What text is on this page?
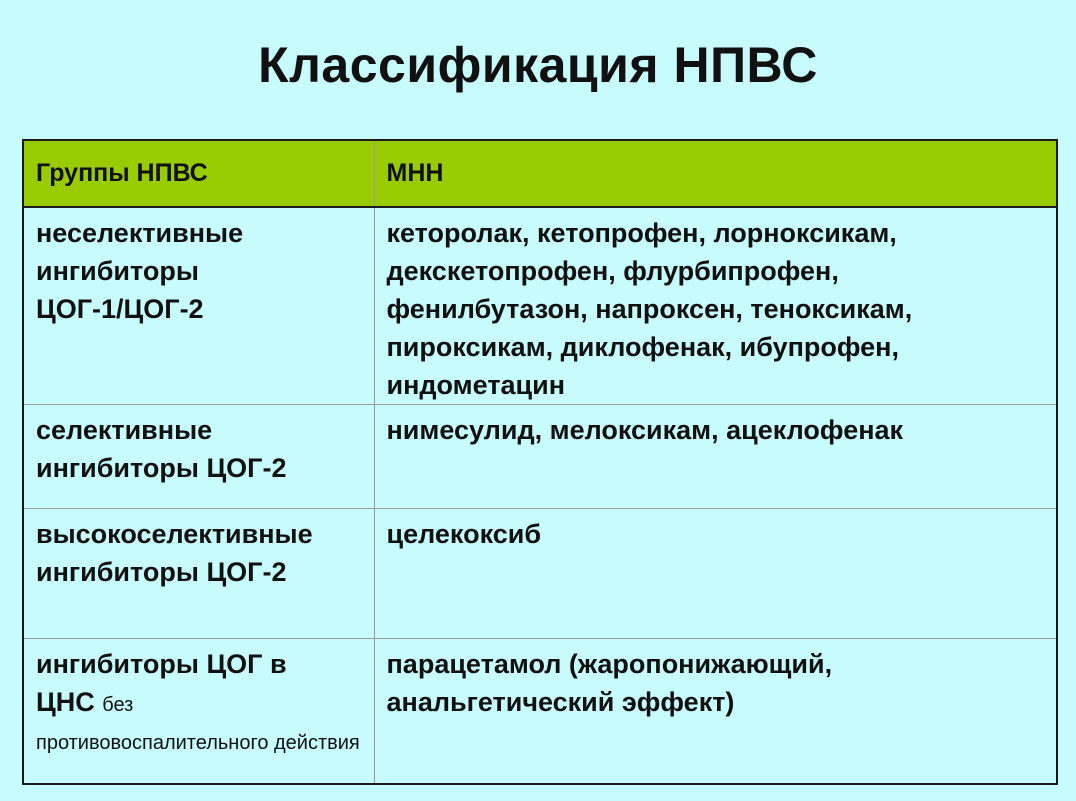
Классификация НПВС
Группы НПВС	МНН

неселективные
ингибиторы
ЦОГ-1/ЦОГ-2	кеторолак, кетопрофен, лорноксикам,
декскетопрофен, флурбипрофен,
фенилбутазон, напроксен, теноксикам,
пироксикам, диклофенак, ибупрофен,
индометацин

селективные
ингибиторы ЦОГ-2	нимесулид, мелоксикам, ацеклофенак

высокоселективные
ингибиторы ЦОГ-2	целекоксиб

ингибиторы ЦОГ в
ЦНС без противовоспалительного действия	парацетамол (жаропонижающий,
анальгетический эффект)
